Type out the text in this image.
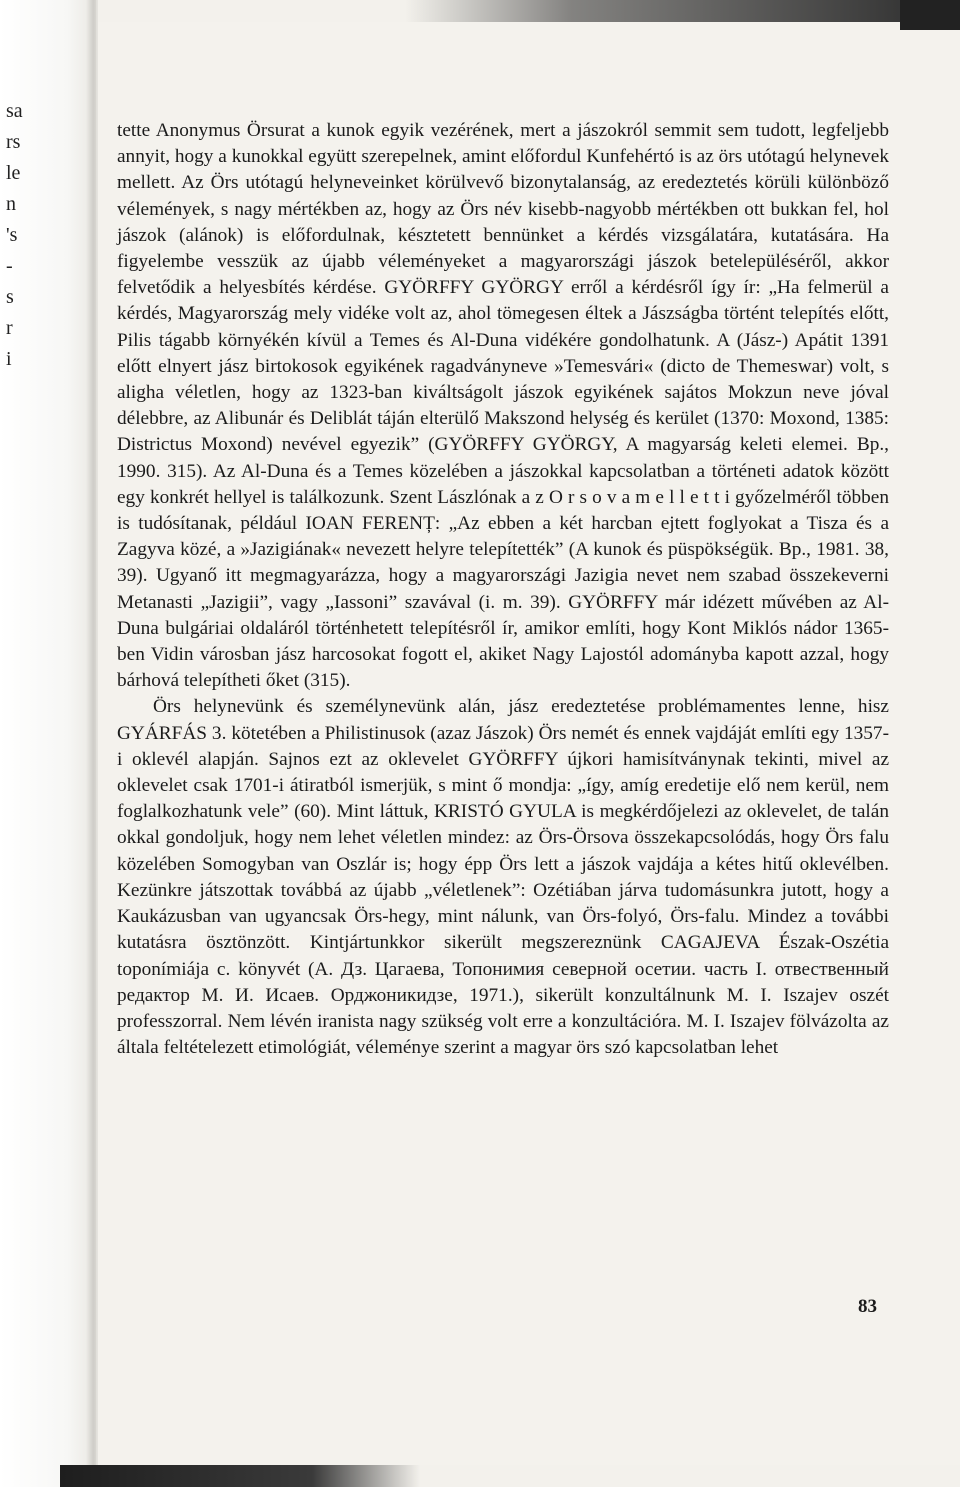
sa
rs
le
n
's
-
s
r
i

tette Anonymus Örsurat a kunok egyik vezérének, mert a jászokról semmit sem tudott, legfeljebb annyit, hogy a kunokkal együtt szerepelnek, amint előfordul Kunfehértó is az örs utótagú helynevek mellett. Az Örs utótagú helyneveinket körülvevő bizonytalanság, az eredeztetés körüli különböző vélemények, s nagy mértékben az, hogy az Örs név kisebb-nagyobb mértékben ott bukkan fel, hol jászok (alánok) is előfordulnak, késztetett bennünket a kérdés vizsgálatára, kutatására. Ha figyelembe vesszük az újabb véleményeket a magyarországi jászok betelepüléséről, akkor felvetődik a helyesbítés kérdése. GYÖRFFY GYÖRGY erről a kérdésről így ír: „Ha felmerül a kérdés, Magyarország mely vidéke volt az, ahol tömegesen éltek a Jászságba történt telepítés előtt, Pilis tágabb környékén kívül a Temes és Al-Duna vidékére gondolhatunk. A (Jász-) Apátit 1391 előtt elnyert jász birtokosok egyikének ragadványneve »Temesvári« (dicto de Themeswar) volt, s aligha véletlen, hogy az 1323-ban kiváltságolt jászok egyikének sajátos Mokzun neve jóval délebbre, az Alibunár és Deliblát táján elterülő Makszond helység és kerület (1370: Moxond, 1385: Districtus Moxond) nevével egyezik” (GYÖRFFY GYÖRGY, A magyarság keleti elemei. Bp., 1990. 315). Az Al-Duna és a Temes közelében a jászokkal kapcsolatban a történeti adatok között egy konkrét hellyel is találkozunk. Szent Lászlónak a z O r s o v a m e l l e t t i győzelméről többen is tudósítanak, például IOAN FERENȚ: „Az ebben a két harcban ejtett foglyokat a Tisza és a Zagyva közé, a »Jazigiának« nevezett helyre telepítették” (A kunok és püspökségük. Bp., 1981. 38, 39). Ugyanő itt megmagyarázza, hogy a magyarországi Jazigia nevet nem szabad összekeverni Metanasti „Jazigii”, vagy „Iassoni” szavával (i. m. 39). GYÖRFFY már idézett művében az Al-Duna bulgáriai oldaláról történhetett telepítésről ír, amikor említi, hogy Kont Miklós nádor 1365-ben Vidin városban jász harcosokat fogott el, akiket Nagy Lajostól adományba kapott azzal, hogy bárhová telepítheti őket (315).

Örs helynevünk és személynevünk alán, jász eredeztetése problémamentes lenne, hisz GYÁRFÁS 3. kötetében a Philistinusok (azaz Jászok) Örs nemét és ennek vajdáját említi egy 1357-i oklevél alapján. Sajnos ezt az oklevelet GYÖRFFY újkori hamisítványnak tekinti, mivel az oklevelet csak 1701-i átiratból ismerjük, s mint ő mondja: „így, amíg eredetije elő nem kerül, nem foglalkozhatunk vele” (60). Mint láttuk, KRISTÓ GYULA is megkérdőjelezi az oklevelet, de talán okkal gondoljuk, hogy nem lehet véletlen mindez: az Örs-Örsova összekapcsolódás, hogy Örs falu közelében Somogyban van Oszlár is; hogy épp Örs lett a jászok vajdája a kétes hitű oklevélben. Kezünkre játszottak továbbá az újabb „véletlenek”: Ozétiában járva tudomásunkra jutott, hogy a Kaukázusban van ugyancsak Örs-hegy, mint nálunk, van Örs-folyó, Örs-falu. Mindez a további kutatásra ösztönzött. Kintjártunkkor sikerült megszereznünk CAGAJEVA Észak-Oszétia toponímiája c. könyvét (А. Дз. Цагаева, Топонимия северной осетии. часть I. отвественный редактор М. И. Исаев. Орджоникидзе, 1971.), sikerült konzultálnunk M. I. Iszajev oszét professzorral. Nem lévén iranista nagy szükség volt erre a konzultációra. M. I. Iszajev fölvázolta az általa feltételezett etimológiát, véleménye szerint a magyar örs szó kapcsolatban lehet

83
